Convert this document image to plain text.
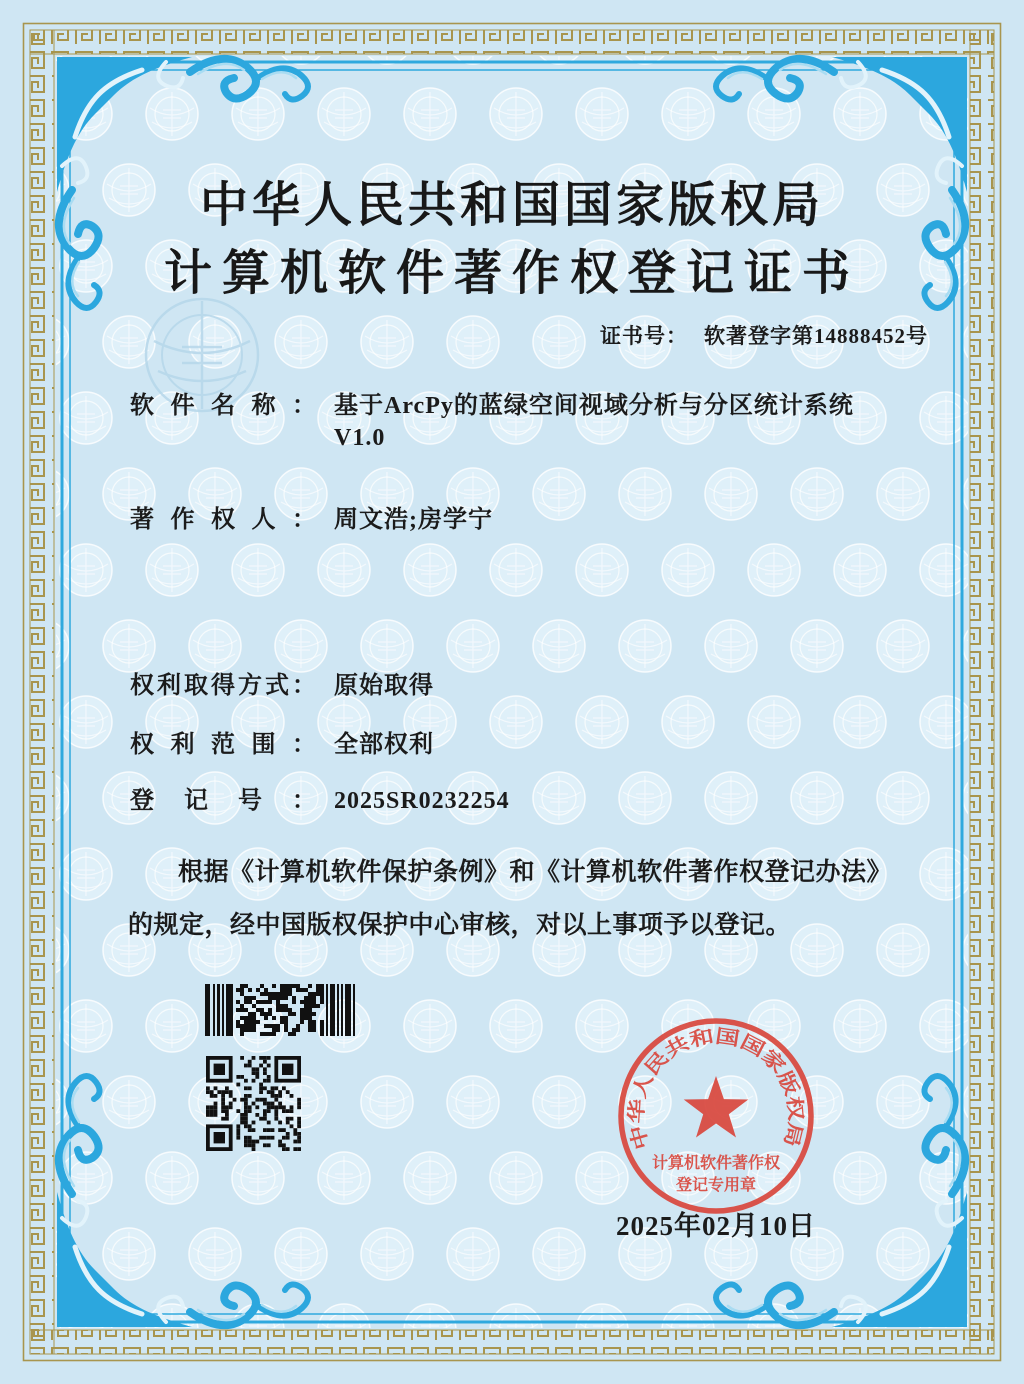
中华人民共和国国家版权局
计算机软件著作权登记证书
证书号： 软著登字第14888452号
软件名称： 基于ArcPy的蓝绿空间视域分析与分区统计系统
V1.0
著作权人： 周文浩;房学宁
权利取得方式： 原始取得
权利范围： 全部权利
登记号： 2025SR0232254
根据《计算机软件保护条例》和《计算机软件著作权登记办法》的规定，经中国版权保护中心审核，对以上事项予以登记。
中华人民共和国国家版权局
计算机软件著作权
登记专用章
2025年02月10日
